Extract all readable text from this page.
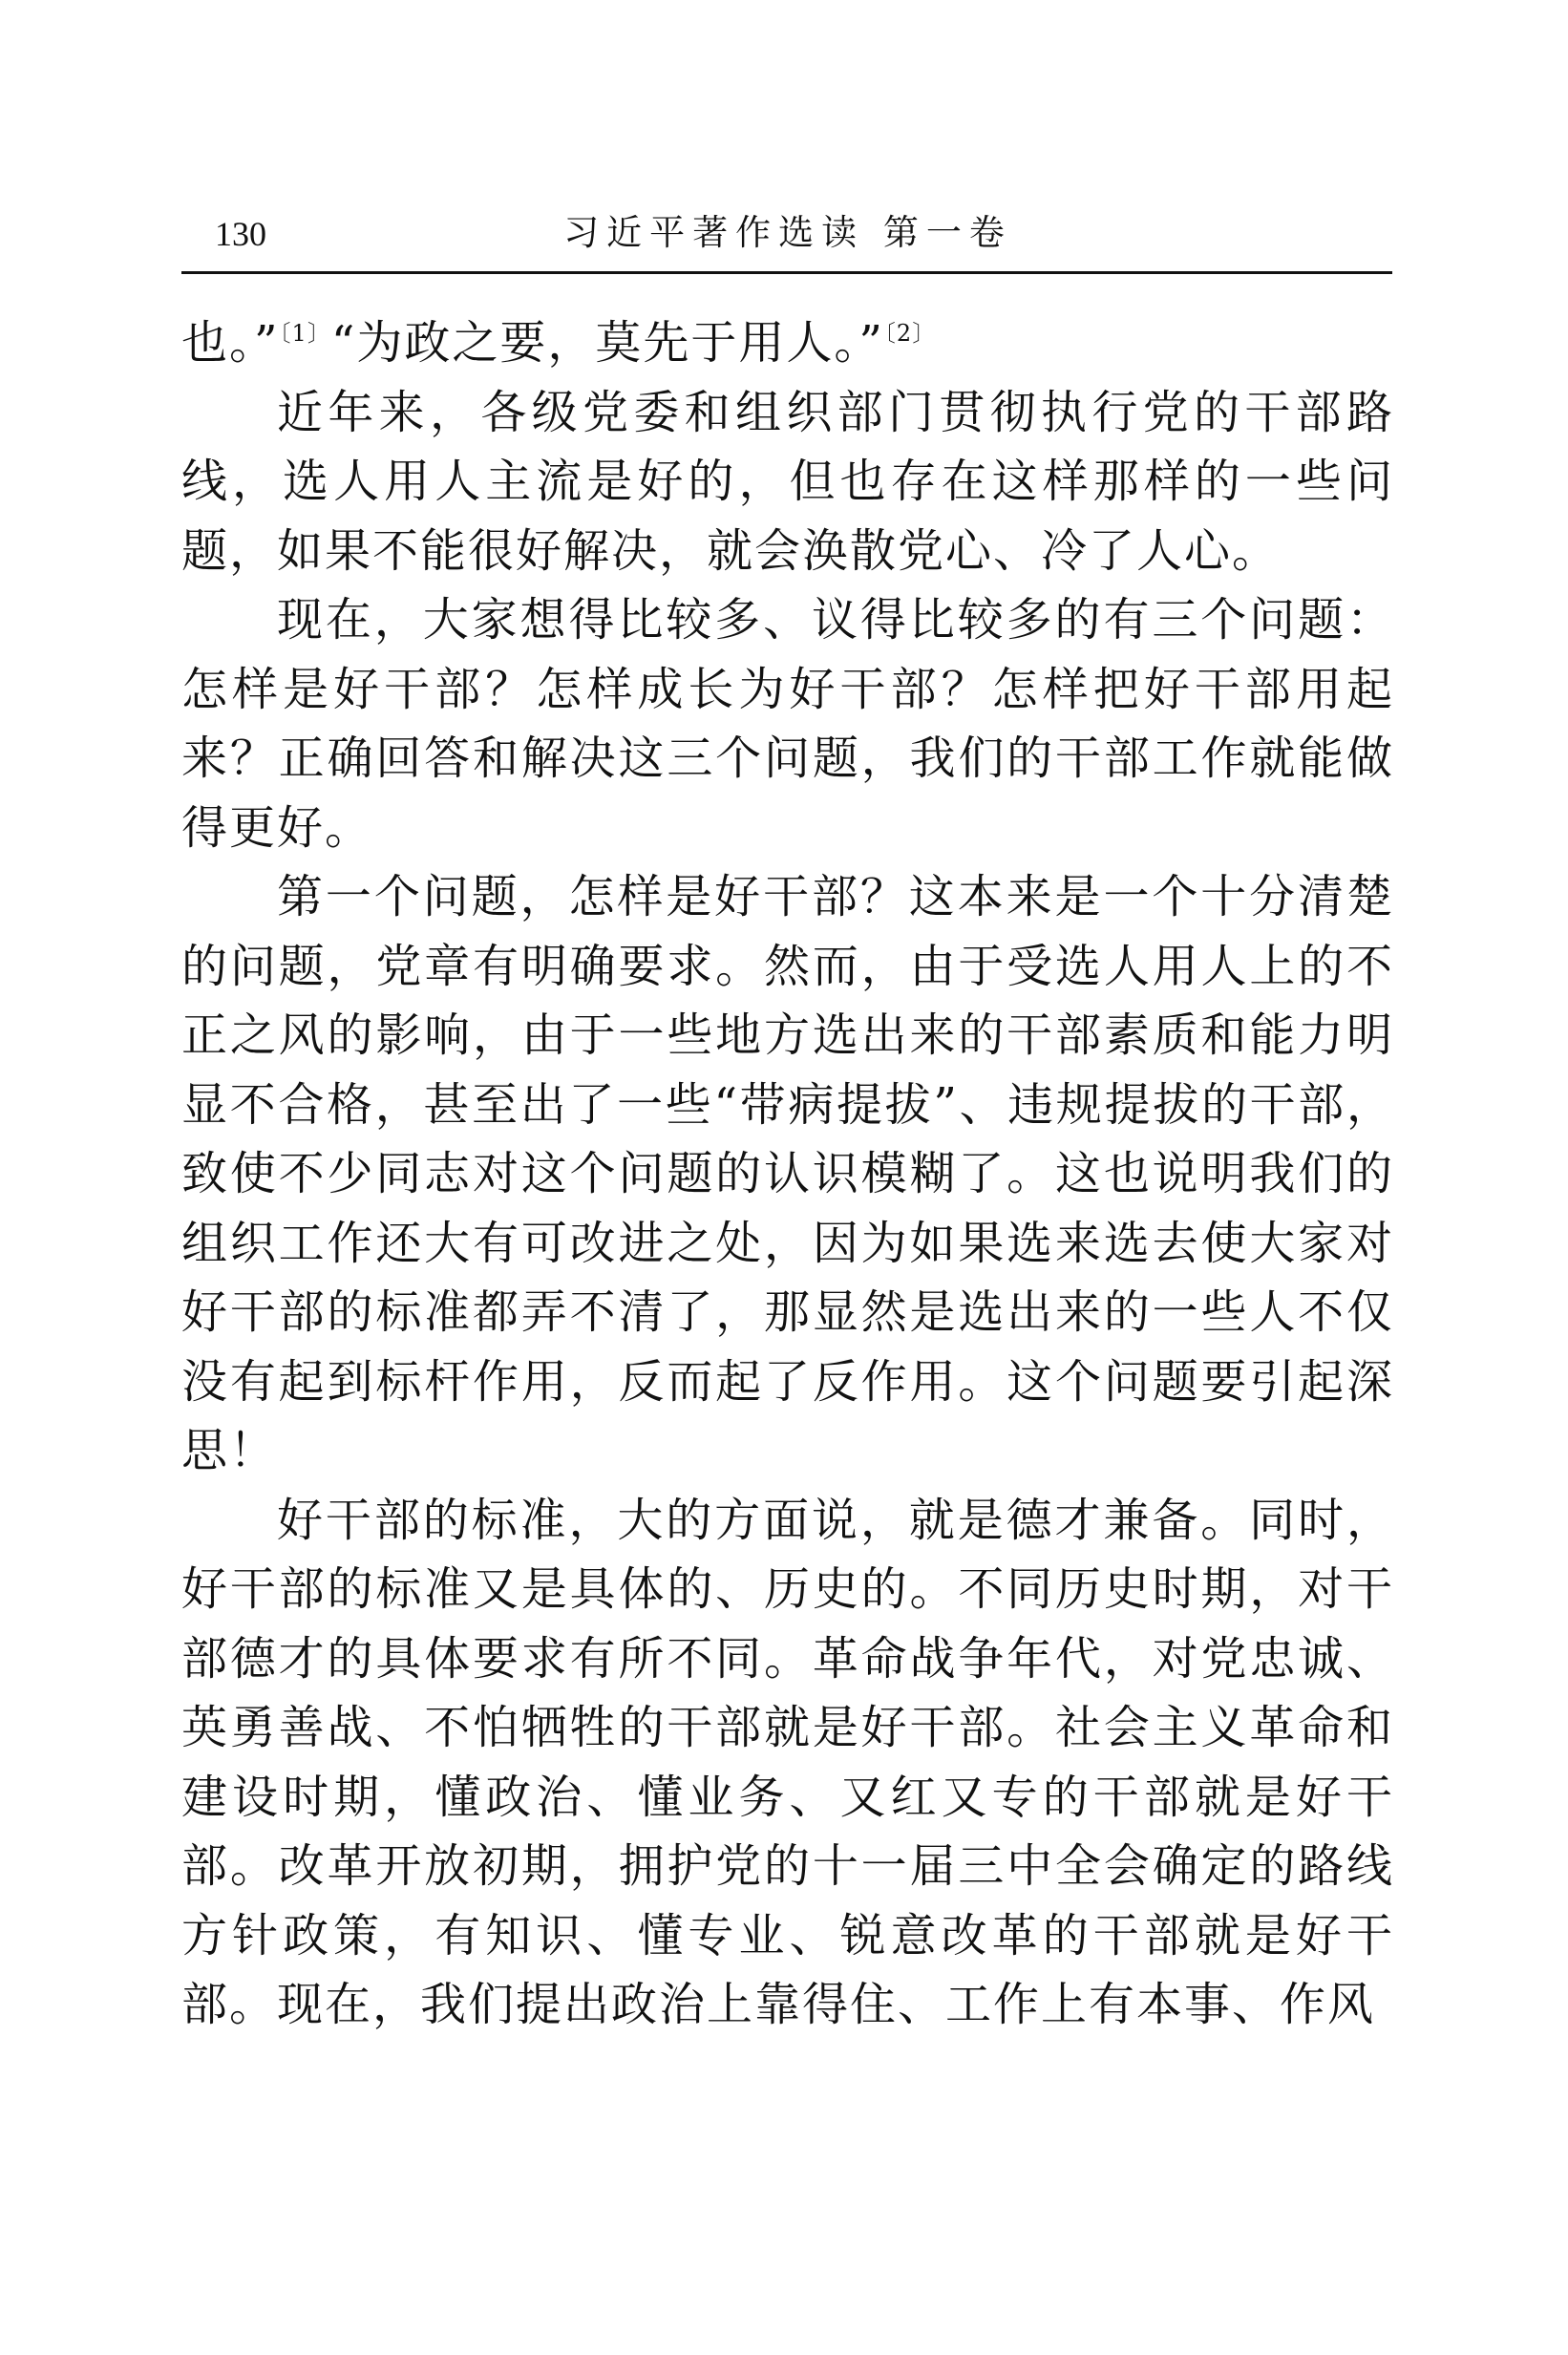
130	习近平著作选读 第一卷

也。”$^{〔1〕}$“为政之要，莫先于用人。”$^{〔2〕}$

近年来，各级党委和组织部门贯彻执行党的干部路线，选人用人主流是好的，但也存在这样那样的一些问题，如果不能很好解决，就会涣散党心、冷了人心。

现在，大家想得比较多、议得比较多的有三个问题：怎样是好干部？怎样成长为好干部？怎样把好干部用起来？正确回答和解决这三个问题，我们的干部工作就能做得更好。

第一个问题，怎样是好干部？这本来是一个十分清楚的问题，党章有明确要求。然而，由于受选人用人上的不正之风的影响，由于一些地方选出来的干部素质和能力明显不合格，甚至出了一些“带病提拔”、违规提拔的干部，致使不少同志对这个问题的认识模糊了。这也说明我们的组织工作还大有可改进之处，因为如果选来选去使大家对好干部的标准都弄不清了，那显然是选出来的一些人不仅没有起到标杆作用，反而起了反作用。这个问题要引起深思！

好干部的标准，大的方面说，就是德才兼备。同时，好干部的标准又是具体的、历史的。不同历史时期，对干部德才的具体要求有所不同。革命战争年代，对党忠诚、英勇善战、不怕牺牲的干部就是好干部。社会主义革命和建设时期，懂政治、懂业务、又红又专的干部就是好干部。改革开放初期，拥护党的十一届三中全会确定的路线方针政策，有知识、懂专业、锐意改革的干部就是好干部。现在，我们提出政治上靠得住、工作上有本事、作风
